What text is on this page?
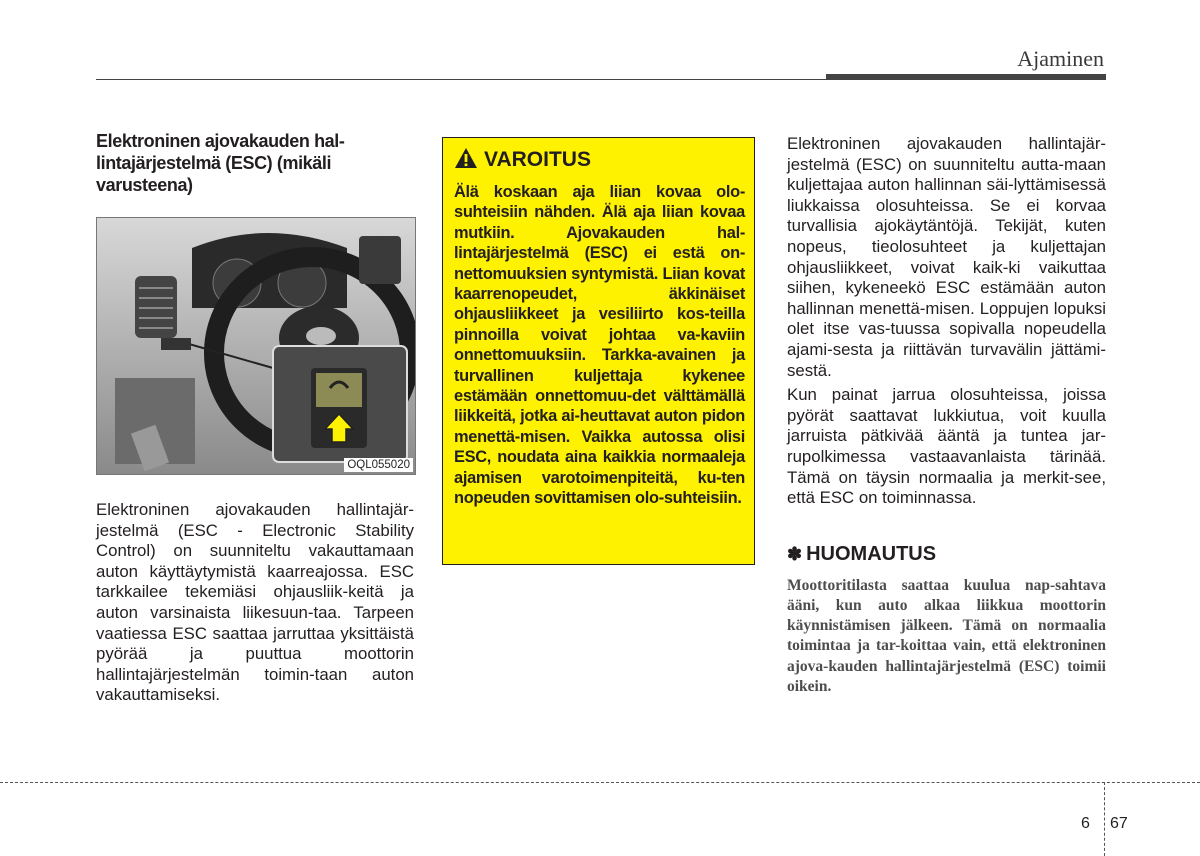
Ajaminen
Elektroninen ajovakauden hal-
lintajärjestelmä (ESC) (mikäli
varusteena)
OQL055020

Elektroninen ajovakauden hallintajär-jestelmä (ESC - Electronic Stability Control) on suunniteltu vakauttamaan auton käyttäytymistä kaarreajossa. ESC tarkkailee tekemiäsi ohjausliik-keitä ja auton varsinaista liikesuun-taa. Tarpeen vaatiessa ESC saattaa jarruttaa yksittäistä pyörää ja puuttua moottorin hallintajärjestelmän toimin-taan auton vakauttamiseksi.

VAROITUS

Älä koskaan aja liian kovaa olo-suhteisiin nähden. Älä aja liian kovaa mutkiin. Ajovakauden hal-lintajärjestelmä (ESC) ei estä on-nettomuuksien syntymistä. Liian kovat kaarrenopeudet, äkkinäiset ohjausliikkeet ja vesiliirto kos-teilla pinnoilla voivat johtaa va-kaviin onnettomuuksiin. Tarkka-avainen ja turvallinen kuljettaja kykenee estämään onnettomuu-det välttämällä liikkeitä, jotka ai-heuttavat auton pidon menettä-misen. Vaikka autossa olisi ESC, noudata aina kaikkia normaaleja ajamisen varotoimenpiteitä, ku-ten nopeuden sovittamisen olo-suhteisiin.

Elektroninen ajovakauden hallintajär-jestelmä (ESC) on suunniteltu autta-maan kuljettajaa auton hallinnan säi-lyttämisessä liukkaissa olosuhteissa. Se ei korvaa turvallisia ajokäytäntöjä. Tekijät, kuten nopeus, tieolosuhteet ja kuljettajan ohjausliikkeet, voivat kaik-ki vaikuttaa siihen, kykeneekö ESC estämään auton hallinnan menettä-misen. Loppujen lopuksi olet itse vas-tuussa sopivalla nopeudella ajami-sesta ja riittävän turvavälin jättämi-sestä.

Kun painat jarrua olosuhteissa, joissa pyörät saattavat lukkiutua, voit kuulla jarruista pätkivää ääntä ja tuntea jar-rupolkimessa vastaavanlaista tärinää. Tämä on täysin normaalia ja merkit-see, että ESC on toiminnassa.

✽ HUOMAUTUS

Moottoritilasta saattaa kuulua nap-sahtava ääni, kun auto alkaa liikkua moottorin käynnistämisen jälkeen. Tämä on normaalia toimintaa ja tar-koittaa vain, että elektroninen ajova-kauden hallintajärjestelmä (ESC) toimii oikein.

6 67
